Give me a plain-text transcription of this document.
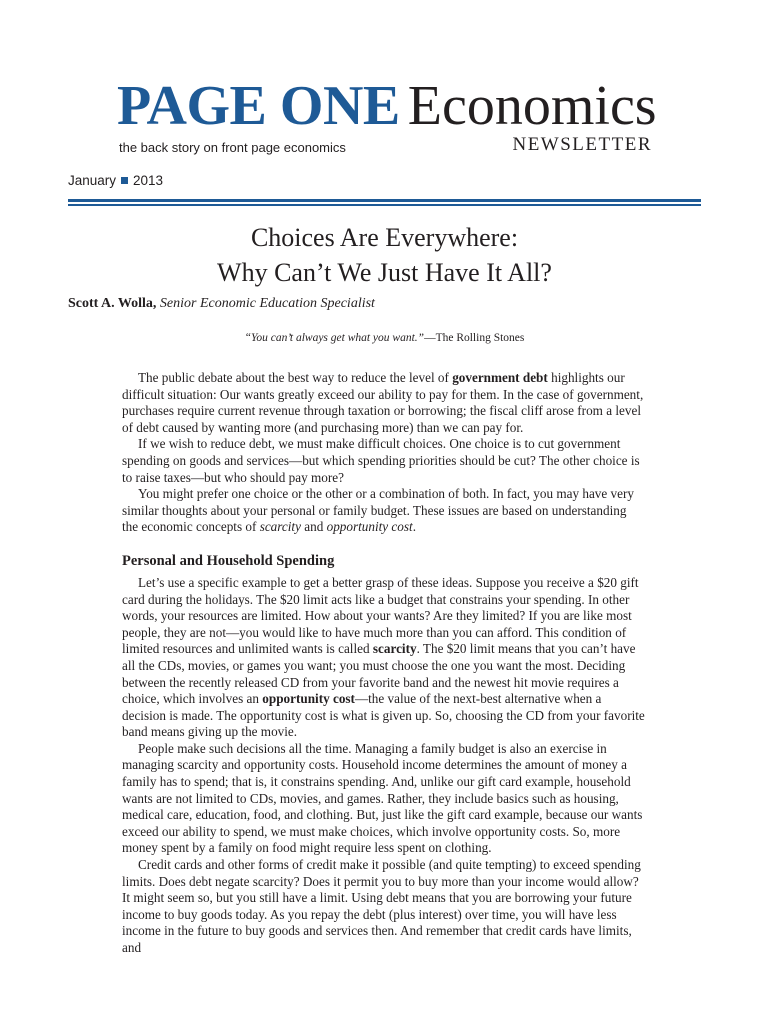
PAGE ONE Economics
NEWSLETTER
the back story on front page economics
January 2013
Choices Are Everywhere:
Why Can’t We Just Have It All?
Scott A. Wolla, Senior Economic Education Specialist
“You can’t always get what you want.”—The Rolling Stones

The public debate about the best way to reduce the level of government debt highlights our difficult situation: Our wants greatly exceed our ability to pay for them. In the case of government, purchases require current revenue through taxation or borrowing; the fiscal cliff arose from a level of debt caused by wanting more (and purchasing more) than we can pay for.

If we wish to reduce debt, we must make difficult choices. One choice is to cut government spending on goods and services—but which spending priorities should be cut? The other choice is to raise taxes—but who should pay more?

You might prefer one choice or the other or a combination of both. In fact, you may have very similar thoughts about your personal or family budget. These issues are based on understanding the economic concepts of scarcity and opportunity cost.

Personal and Household Spending

Let’s use a specific example to get a better grasp of these ideas. Suppose you receive a $20 gift card during the holidays. The $20 limit acts like a budget that constrains your spending. In other words, your resources are limited. How about your wants? Are they limited? If you are like most people, they are not—you would like to have much more than you can afford. This condition of limited resources and unlimited wants is called scarcity. The $20 limit means that you can’t have all the CDs, movies, or games you want; you must choose the one you want the most. Deciding between the recently released CD from your favorite band and the newest hit movie requires a choice, which involves an opportunity cost—the value of the next-best alternative when a decision is made. The opportunity cost is what is given up. So, choosing the CD from your favorite band means giving up the movie.

People make such decisions all the time. Managing a family budget is also an exercise in managing scarcity and opportunity costs. Household income determines the amount of money a family has to spend; that is, it constrains spending. And, unlike our gift card example, household wants are not limited to CDs, movies, and games. Rather, they include basics such as housing, medical care, education, food, and clothing. But, just like the gift card example, because our wants exceed our ability to spend, we must make choices, which involve opportunity costs. So, more money spent by a family on food might require less spent on clothing.

Credit cards and other forms of credit make it possible (and quite tempting) to exceed spending limits. Does debt negate scarcity? Does it permit you to buy more than your income would allow? It might seem so, but you still have a limit. Using debt means that you are borrowing your future income to buy goods today. As you repay the debt (plus interest) over time, you will have less income in the future to buy goods and services then. And remember that credit cards have limits, and
